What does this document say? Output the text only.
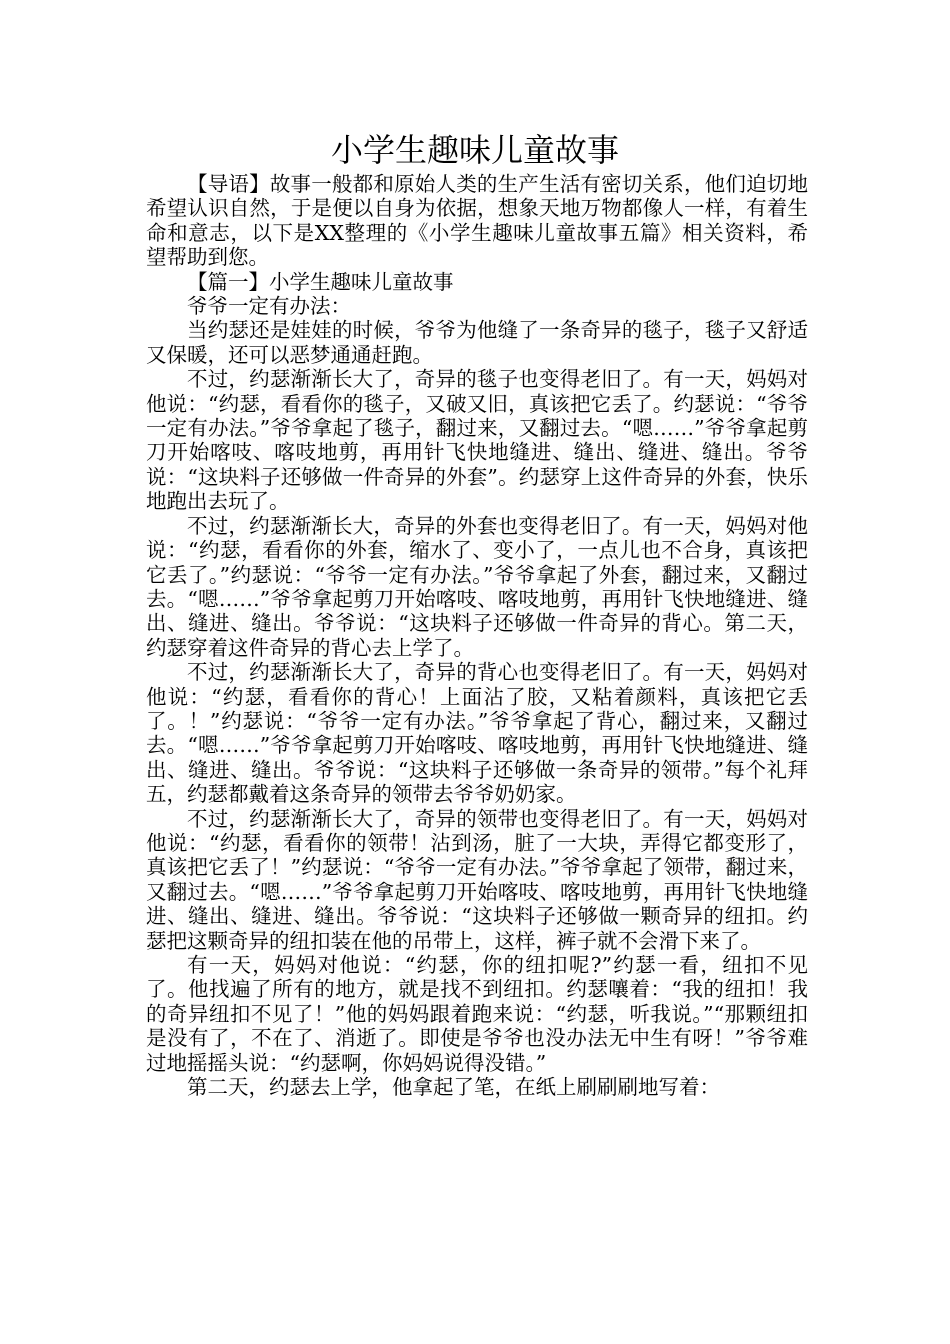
小学生趣味儿童故事

【导语】故事一般都和原始人类的生产生活有密切关系，他们迫切地希望认识自然，于是便以自身为依据，想象天地万物都像人一样，有着生命和意志，以下是XX整理的《小学生趣味儿童故事五篇》相关资料，希望帮助到您。

【篇一】小学生趣味儿童故事

爷爷一定有办法：

当约瑟还是娃娃的时候，爷爷为他缝了一条奇异的毯子，毯子又舒适又保暖，还可以恶梦通通赶跑。

不过，约瑟渐渐长大了，奇异的毯子也变得老旧了。有一天，妈妈对他说：“约瑟，看看你的毯子，又破又旧，真该把它丢了。约瑟说：“爷爷一定有办法。”爷爷拿起了毯子，翻过来，又翻过去。“嗯……”爷爷拿起剪刀开始喀吱、喀吱地剪，再用针飞快地缝进、缝出、缝进、缝出。爷爷说：“这块料子还够做一件奇异的外套”。约瑟穿上这件奇异的外套，快乐地跑出去玩了。

不过，约瑟渐渐长大，奇异的外套也变得老旧了。有一天，妈妈对他说：“约瑟，看看你的外套，缩水了、变小了，一点儿也不合身，真该把它丢了。”约瑟说：“爷爷一定有办法。”爷爷拿起了外套，翻过来，又翻过去。“嗯……”爷爷拿起剪刀开始喀吱、喀吱地剪，再用针飞快地缝进、缝出、缝进、缝出。爷爷说：“这块料子还够做一件奇异的背心。第二天，约瑟穿着这件奇异的背心去上学了。

不过，约瑟渐渐长大了，奇异的背心也变得老旧了。有一天，妈妈对他说：“约瑟，看看你的背心！上面沾了胶，又粘着颜料，真该把它丢了。！”约瑟说：“爷爷一定有办法。”爷爷拿起了背心，翻过来，又翻过去。“嗯……”爷爷拿起剪刀开始喀吱、喀吱地剪，再用针飞快地缝进、缝出、缝进、缝出。爷爷说：“这块料子还够做一条奇异的领带。”每个礼拜五，约瑟都戴着这条奇异的领带去爷爷奶奶家。

不过，约瑟渐渐长大了，奇异的领带也变得老旧了。有一天，妈妈对他说：“约瑟，看看你的领带！沾到汤，脏了一大块，弄得它都变形了，真该把它丢了！”约瑟说：“爷爷一定有办法。”爷爷拿起了领带，翻过来，又翻过去。“嗯……”爷爷拿起剪刀开始喀吱、喀吱地剪，再用针飞快地缝进、缝出、缝进、缝出。爷爷说：“这块料子还够做一颗奇异的纽扣。约瑟把这颗奇异的纽扣装在他的吊带上，这样，裤子就不会滑下来了。

有一天，妈妈对他说：“约瑟，你的纽扣呢?”约瑟一看，纽扣不见了。他找遍了所有的地方，就是找不到纽扣。约瑟嚷着：“我的纽扣！我的奇异纽扣不见了！”他的妈妈跟着跑来说：“约瑟，听我说。”“那颗纽扣是没有了，不在了、消逝了。即使是爷爷也没办法无中生有呀！”爷爷难过地摇摇头说：“约瑟啊，你妈妈说得没错。”

第二天，约瑟去上学，他拿起了笔，在纸上刷刷刷地写着：
